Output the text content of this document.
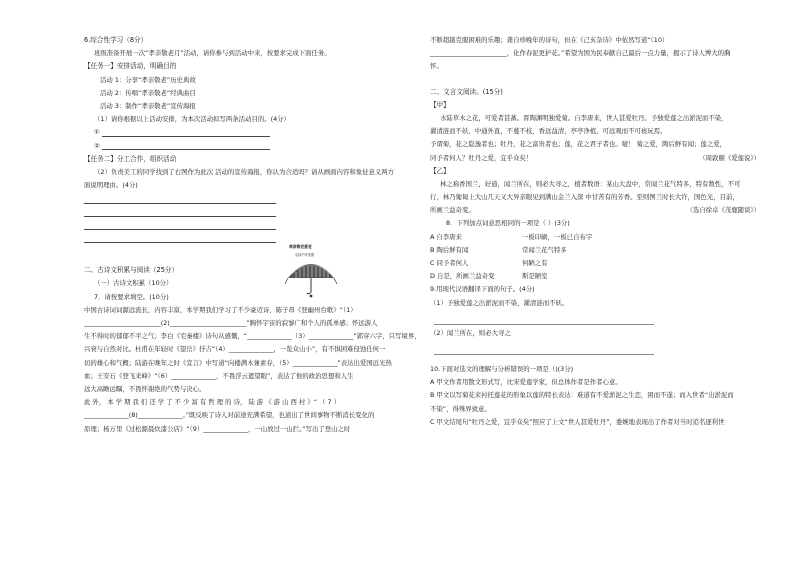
6.综合性学习（8分）
班级准备开展一次“孝亲敬老月”活动，请你参与到活动中来，按要求完成下面任务。
【任务一】安排活动，明确目的
活动 1：分享“孝亲敬老”历史典故
活动 2：传唱“孝亲敬老”经典曲目
活动 3：制作“孝亲敬老”宣传海报
（1）请你根据以上活动安排，为本次活动拟写两条活动目的。(4分）
①
②
【任务二】分工合作，组织活动
（2）负责美工的同学找到了右图作为此次 活动的宣传海报，你认为合适吗？请从画面内容和象征意义两方
面说明理由。(4分)
二、古诗文积累与阅读（25分）
（一）古诗文积累（10分）
7．请按要求填空。(10分)
中国古诗词词源远流长，内容丰富，本学期我们学习了不少豪迈诗，陈子昂《登幽州台歌》“（1）
________________________(2)________________________”胸怀宇宙的寂寥广和个人的孤单感；怀远游人
生不得时的郁郁不平之气；李白《宅秦楼》诗句从感慨，“______________（3）______________”郭穿六字，只写境界，
兴衰与自然对比。杜甫在年轻时《望岳》抒吉“（4）______________，一览众山小”，有不惧困难侵蚀任何一
切的雄心和气概；陆游在晚年之时《宣言》中写道“向楼满木兼素春，（5）______________”表达出爱国远光热
血；王安石《登飞来峰》“（6）______________，不畏浮云遮望眼”，表达了他的政治思想和人生
远大高瞻远瞩，不畏怀谢绝的气势与决心。
此 外， 本 学 期 我 们 还 学 了 不 少 富 有 哲 理 的 诗， 陆 游 《 游 山 西 村 》“ （ 7 ）
______________(8)______________。”既反映了诗人对前途充满希望，也道出了世间事物不断消长变化的
原理；杨万里《过松源晨炊漆公店》“（9）______________，一山放过一山拦。”写出了登山之时
孝亲敬老爱老
弘扬中华美德
不断超越克服困难的乐趣；龚自珍晚年的诗句，但在《己亥杂诗》中依然写道“（10）
________________________，化作春泥更护花。”希望为国为民奉献自己最后一点力量，揭示了诗人博大的胸
怀。
二、文言文阅读。(15分)
【甲】
水陆草木之花，可爱者甚蕃。晋陶渊明独爱菊。自李唐来，世人甚爱牡丹。予独爱莲之出淤泥而不染，
濯清涟而不妖，中通外直，不蔓不枝，香远益清，亭亭净植，可远观而不可亵玩焉。
予谓菊，花之隐逸者也；牡丹，花之富贵者也；莲，花之君子者也。噫！ 菊之爱，陶后鲜有闻；莲之爱，
同予者何人？牡丹之爱，宜乎众矣！	（周敦颐《爱莲说》）
【乙】
林之称香国兰，好道，闻兰所在，则必大寻之，植者数语：某山大盘中，常闻兰花气特多，特有数性，不可
行，林乃匍匐上大山几天又大异亲眼见到满山金兰入深 中甘苦有的芳香。至则图兰时长大许，国色光，目前，
所画兰益奇变。	（选自徐卓《茂鹿随谈》）
8．下列加点词意思相同的一项是（ ）(3分)
A 自李唐来	一板印刷，一板已自布字
B 陶后鲜有闻	常闻兰花气特多
C 同予者何人	何陋之有
D 自是，所画兰益奇变	斯是陋室
9.用现代汉语翻译下面的句子。(4分)
（1）予独爱莲之出淤泥而不染，濯清涟而不妖。
（2）闻兰所在，则必大寻之
10.下面对选文的理解与分析错误的一项是（)(3分)
A 甲文作者用散文形式写，比宋爱莲学家，但总体作者是作者心意。
B 甲文以写菊花来衬托莲花的形象以莲的特长表达：难道有不爱淤泥之生恋，困而不遂；而入世者“出淤泥而
不染”，得殊界致意。
C 甲文结尾句“牡丹之爱，宜乎众矣”照应了上文“世人甚爱牡丹”，委婉地表现出了作者对当时追名逐利世
